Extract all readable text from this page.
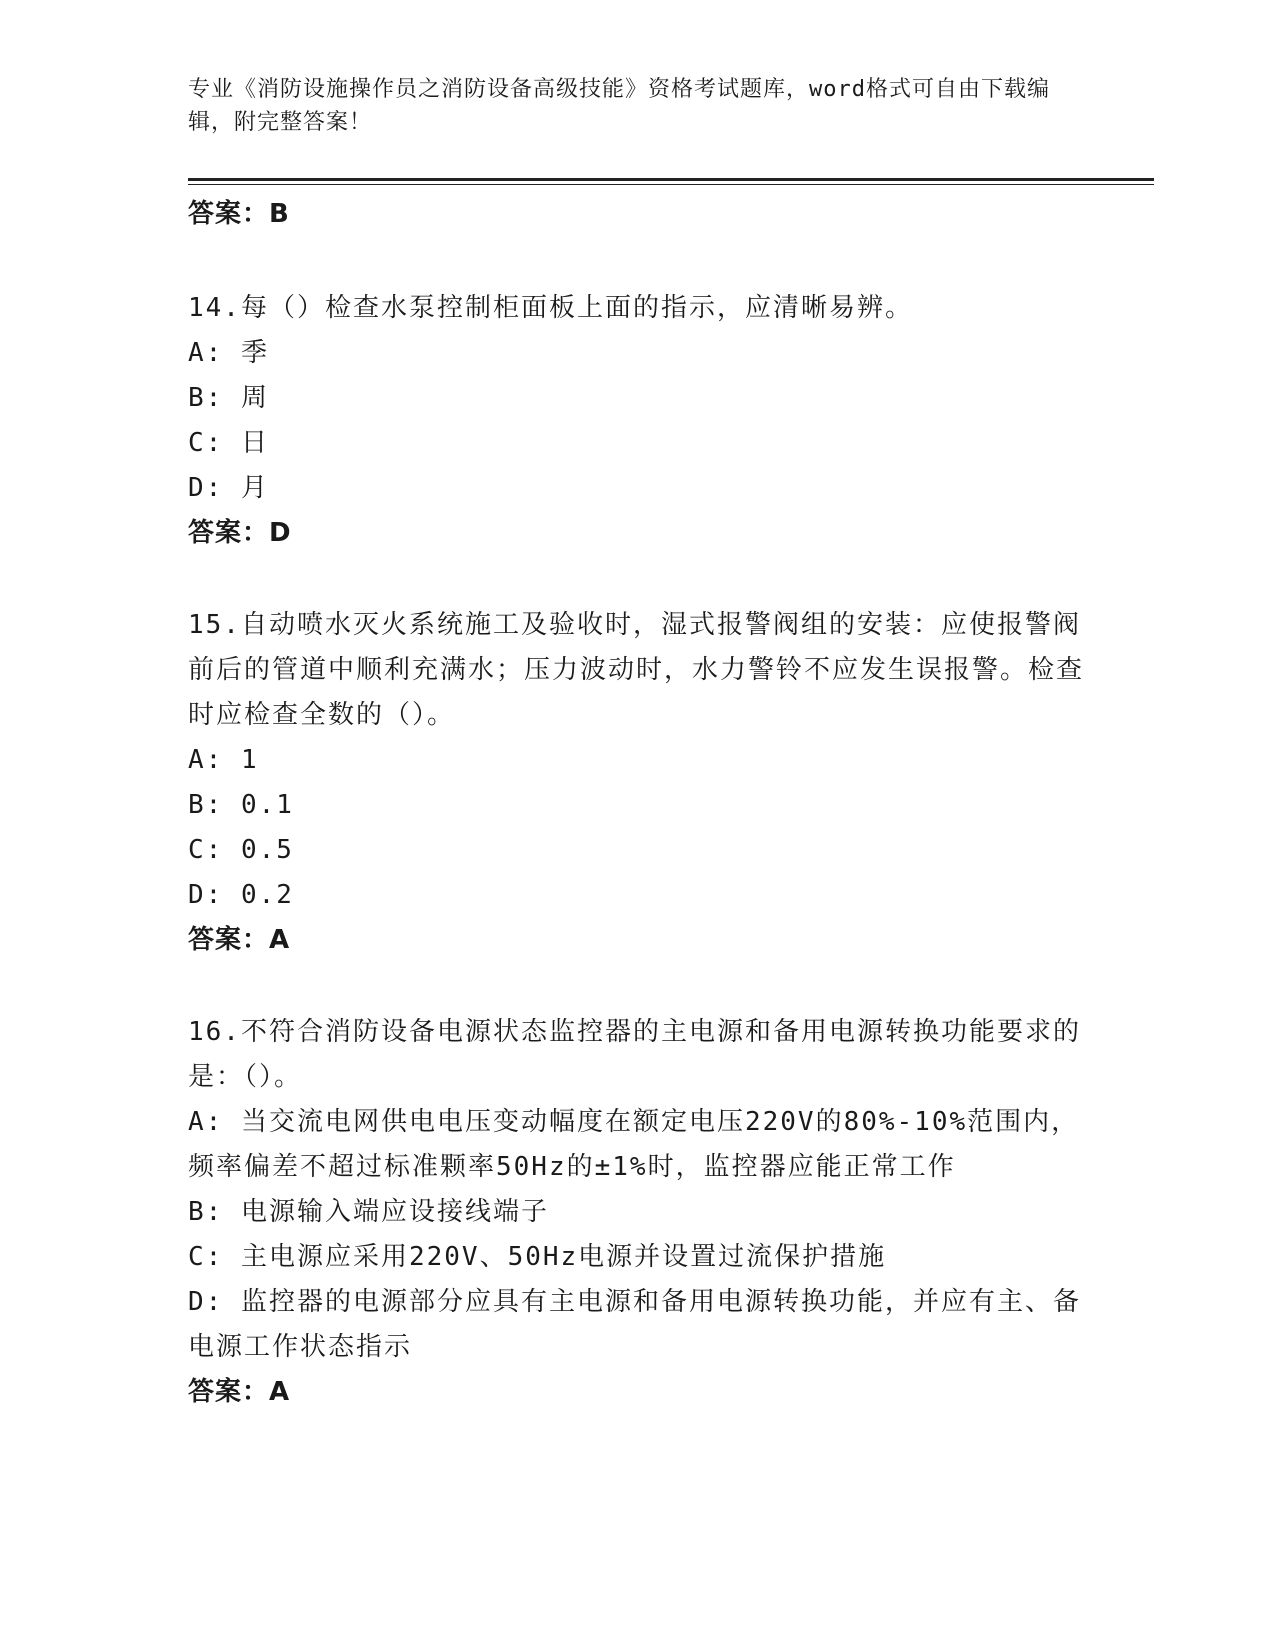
专业《消防设施操作员之消防设备高级技能》资格考试题库，word格式可自由下载编辑，附完整答案！
答案：B

14.每（）检查水泵控制柜面板上面的指示，应清晰易辨。

A: 季

B: 周

C: 日

D: 月

答案：D

15.自动喷水灭火系统施工及验收时，湿式报警阀组的安装：应使报警阀前后的管道中顺利充满水；压力波动时，水力警铃不应发生误报警。检查时应检查全数的（）。

A: 1

B: 0.1

C: 0.5

D: 0.2

答案：A

16.不符合消防设备电源状态监控器的主电源和备用电源转换功能要求的是：（）。

A: 当交流电网供电电压变动幅度在额定电压220V的80%-10%范围内，频率偏差不超过标准颗率50Hz的±1%时，监控器应能正常工作

B: 电源输入端应设接线端子

C: 主电源应采用220V、50Hz电源并设置过流保护措施

D: 监控器的电源部分应具有主电源和备用电源转换功能，并应有主、备电源工作状态指示

答案：A
